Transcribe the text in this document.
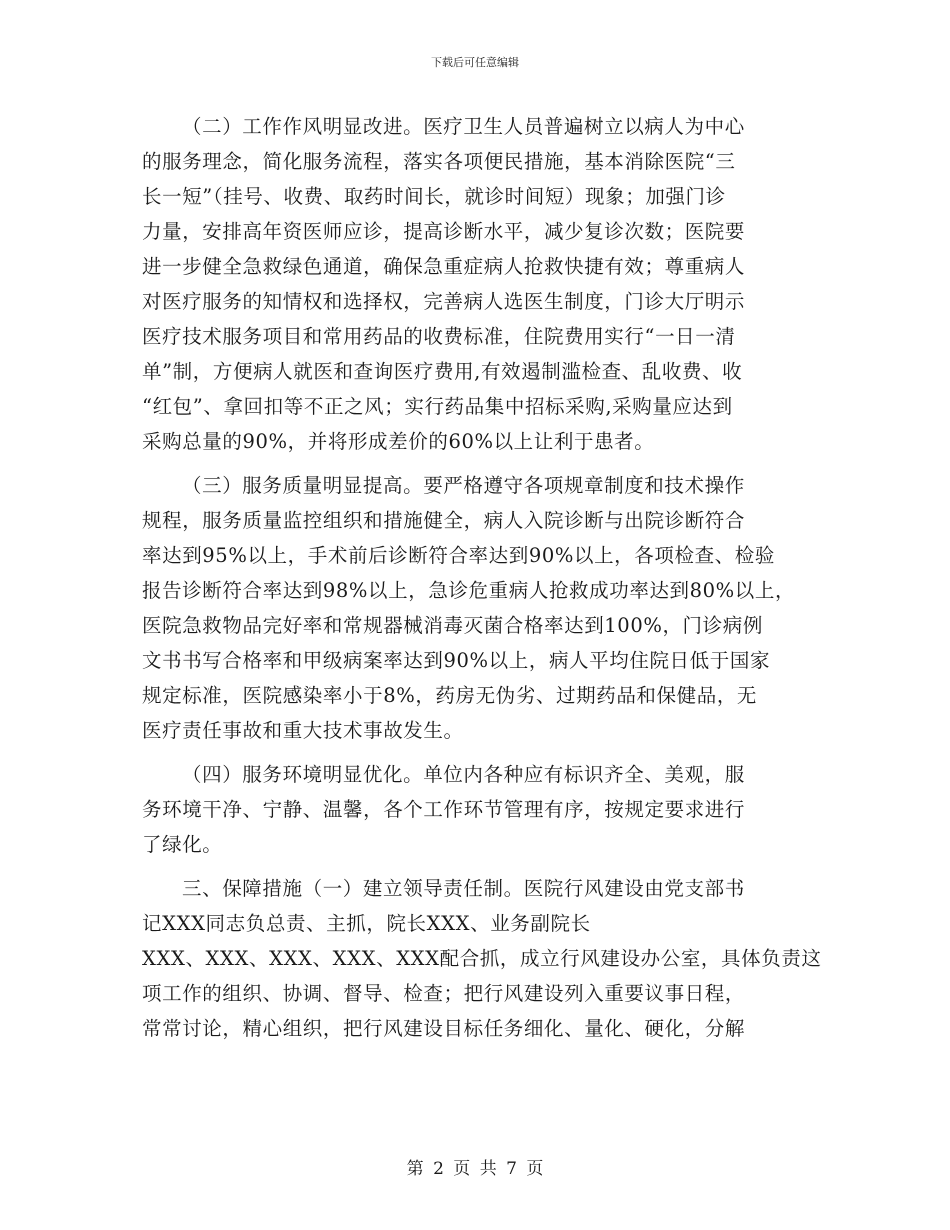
下载后可任意编辑
（二）工作作风明显改进。医疗卫生人员普遍树立以病人为中心
的服务理念，简化服务流程，落实各项便民措施，基本消除医院“三
长一短”（挂号、收费、取药时间长，就诊时间短）现象；加强门诊
力量，安排高年资医师应诊，提高诊断水平，减少复诊次数；医院要
进一步健全急救绿色通道，确保急重症病人抢救快捷有效；尊重病人
对医疗服务的知情权和选择权，完善病人选医生制度，门诊大厅明示
医疗技术服务项目和常用药品的收费标准，住院费用实行“一日一清
单”制，方便病人就医和查询医疗费用,有效遏制滥检查、乱收费、收
“红包”、拿回扣等不正之风；实行药品集中招标采购,采购量应达到
采购总量的90%，并将形成差价的60%以上让利于患者。
（三）服务质量明显提高。要严格遵守各项规章制度和技术操作
规程，服务质量监控组织和措施健全，病人入院诊断与出院诊断符合
率达到95%以上，手术前后诊断符合率达到90%以上，各项检查、检验
报告诊断符合率达到98%以上，急诊危重病人抢救成功率达到80%以上，
医院急救物品完好率和常规器械消毒灭菌合格率达到100%，门诊病例
文书书写合格率和甲级病案率达到90%以上，病人平均住院日低于国家
规定标准，医院感染率小于8%，药房无伪劣、过期药品和保健品，无
医疗责任事故和重大技术事故发生。
（四）服务环境明显优化。单位内各种应有标识齐全、美观，服
务环境干净、宁静、温馨，各个工作环节管理有序，按规定要求进行
了绿化。
三、保障措施（一）建立领导责任制。医院行风建设由党支部书
记XXX同志负总责、主抓，院长XXX、业务副院长
XXX、XXX、XXX、XXX、XXX配合抓，成立行风建设办公室，具体负责这
项工作的组织、协调、督导、检查；把行风建设列入重要议事日程，
常常讨论，精心组织，把行风建设目标任务细化、量化、硬化，分解
第 2 页 共 7 页
